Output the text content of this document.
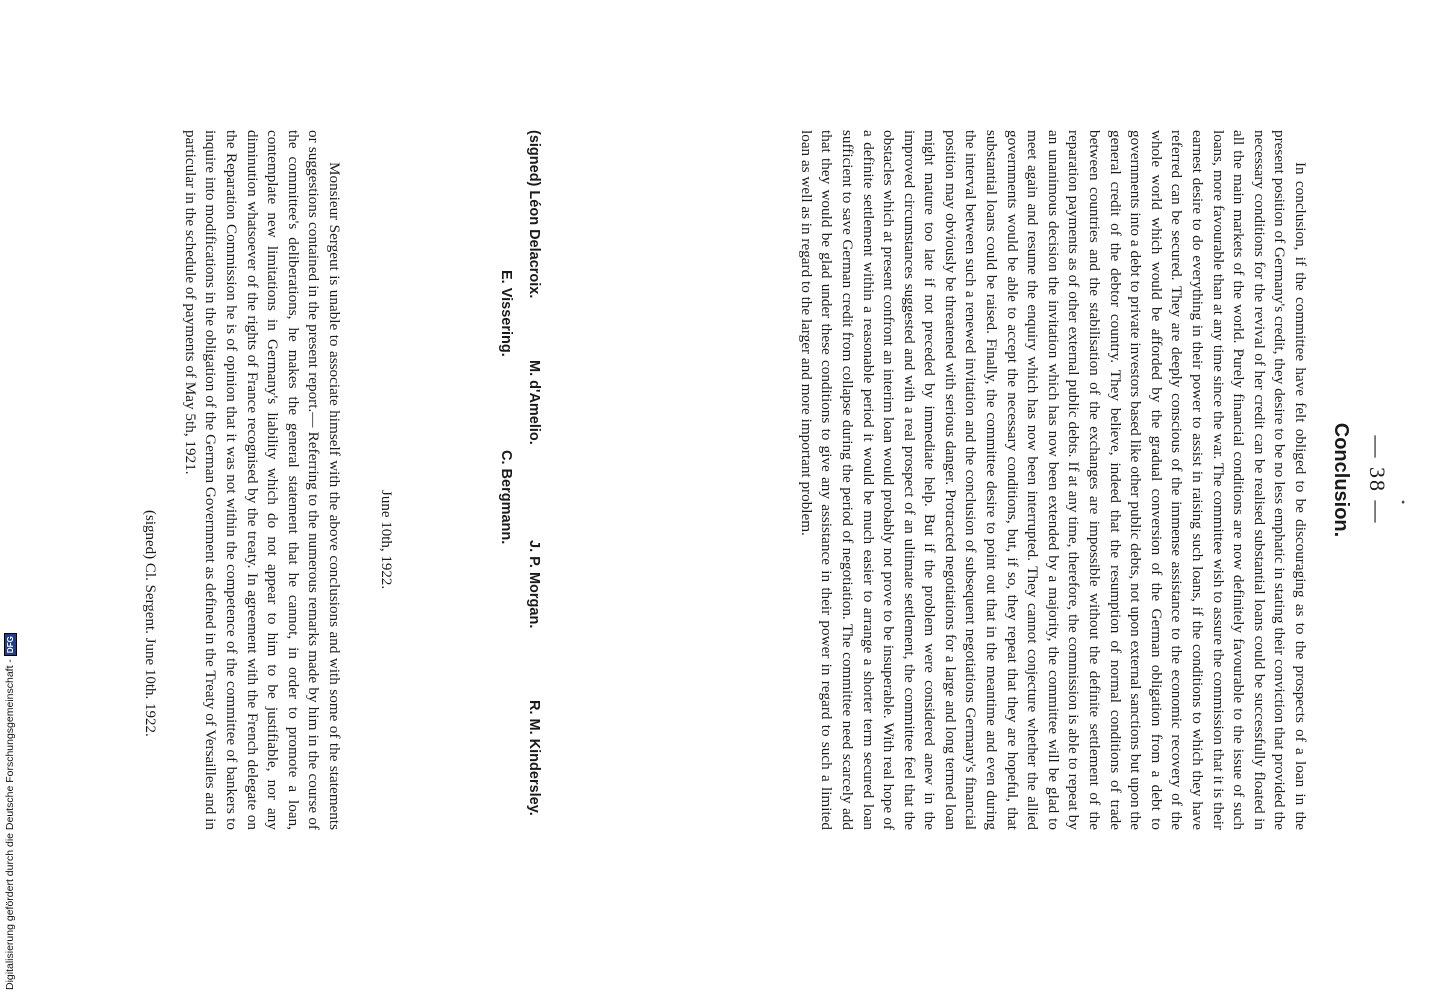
•
— 38 —
Conclusion.

In conclusion, if the committee have felt obliged to be discouraging as to the prospects of a loan in the present position of Germany's credit, they desire to be no less emphatic in stating their conviction that provided the necessary conditions for the revival of her credit can be realised substantial loans could be successfully floated in all the main markets of the world. Purely financial conditions are now definitely favourable to the issue of such loans, more favourable than at any time since the war. The committee wish to assure the commission that it is their earnest desire to do everything in their power to assist in raising such loans, if the conditions to which they have referred can be secured. They are deeply conscious of the immense assistance to the economic recovery of the whole world which would be afforded by the gradual conversion of the German obligation from a debt to governments into a debt to private investors based like other public debts, not upon external sanctions but upon the general credit of the debtor country. They believe, indeed that the resumption of normal conditions of trade between countries and the stabilisation of the exchanges are impossible without the definite settlement of the reparation payments as of other external public debts. If at any time, therefore, the commission is able to repeat by an unanimous decision the invitation which has now been extended by a majority, the committee will be glad to meet again and resume the enquiry which has now been interrupted. They cannot conjecture whether the allied governments would be able to accept the necessary conditions, but, if so, they repeat that they are hopeful, that substantial loans could be raised. Finally, the committee desire to point out that in the meantime and even during the interval between such a renewed invitation and the conclusion of subsequent negotiations Germany's financial position may obviously be threatened with serious danger. Protracted negotiations for a large and long termed loan might mature too late if not preceded by immediate help. But if the problem were considered anew in the improved circumstances suggested and with a real prospect of an ultimate settlement, the committee feel that the obstacles which at present confront an interim loan would probably not prove to be insuperable. With real hope of a definite settlement within a reasonable period it would be much easier to arrange a shorter term secured loan sufficient to save German credit from collapse during the period of negotiation. The committee need scarcely add that they would be glad under these conditions to give any assistance in their power in regard to such a limited loan as well as in regard to the larger and more important problem.

(signed) Léon Delacroix.
M. d'Amelio.
J. P. Morgan.
R. M. Kindersley.
E. Vissering.
C. Bergmann.
June 10th, 1922.

Monsieur Sergeut is unable to associate himself with the above conclusions and with some of the statements or suggestions contained in the present report.— Referring to the numerous remarks made by him in the course of the committee's deliberations, he makes the general statement that he cannot, in order to promote a loan, contemplate new limitations in Germany's liability which do not appear to him to be justifiable, nor any diminution whatsoever of the rights of France recognised by the treaty. In agreement with the French delegate on the Reparation Commission he is of opinion that it was not within the competence of the committee of bankers to inquire into modifications in the obligation of the German Government as defined in the Treaty of Versailles and in particular in the schedule of payments of May 5th, 1921.

(signed) Cl. Sergent. June 10th. 1922.
Digitalisierung gefördert durch die Deutsche Forschungsgemeinschaft -
DFG
